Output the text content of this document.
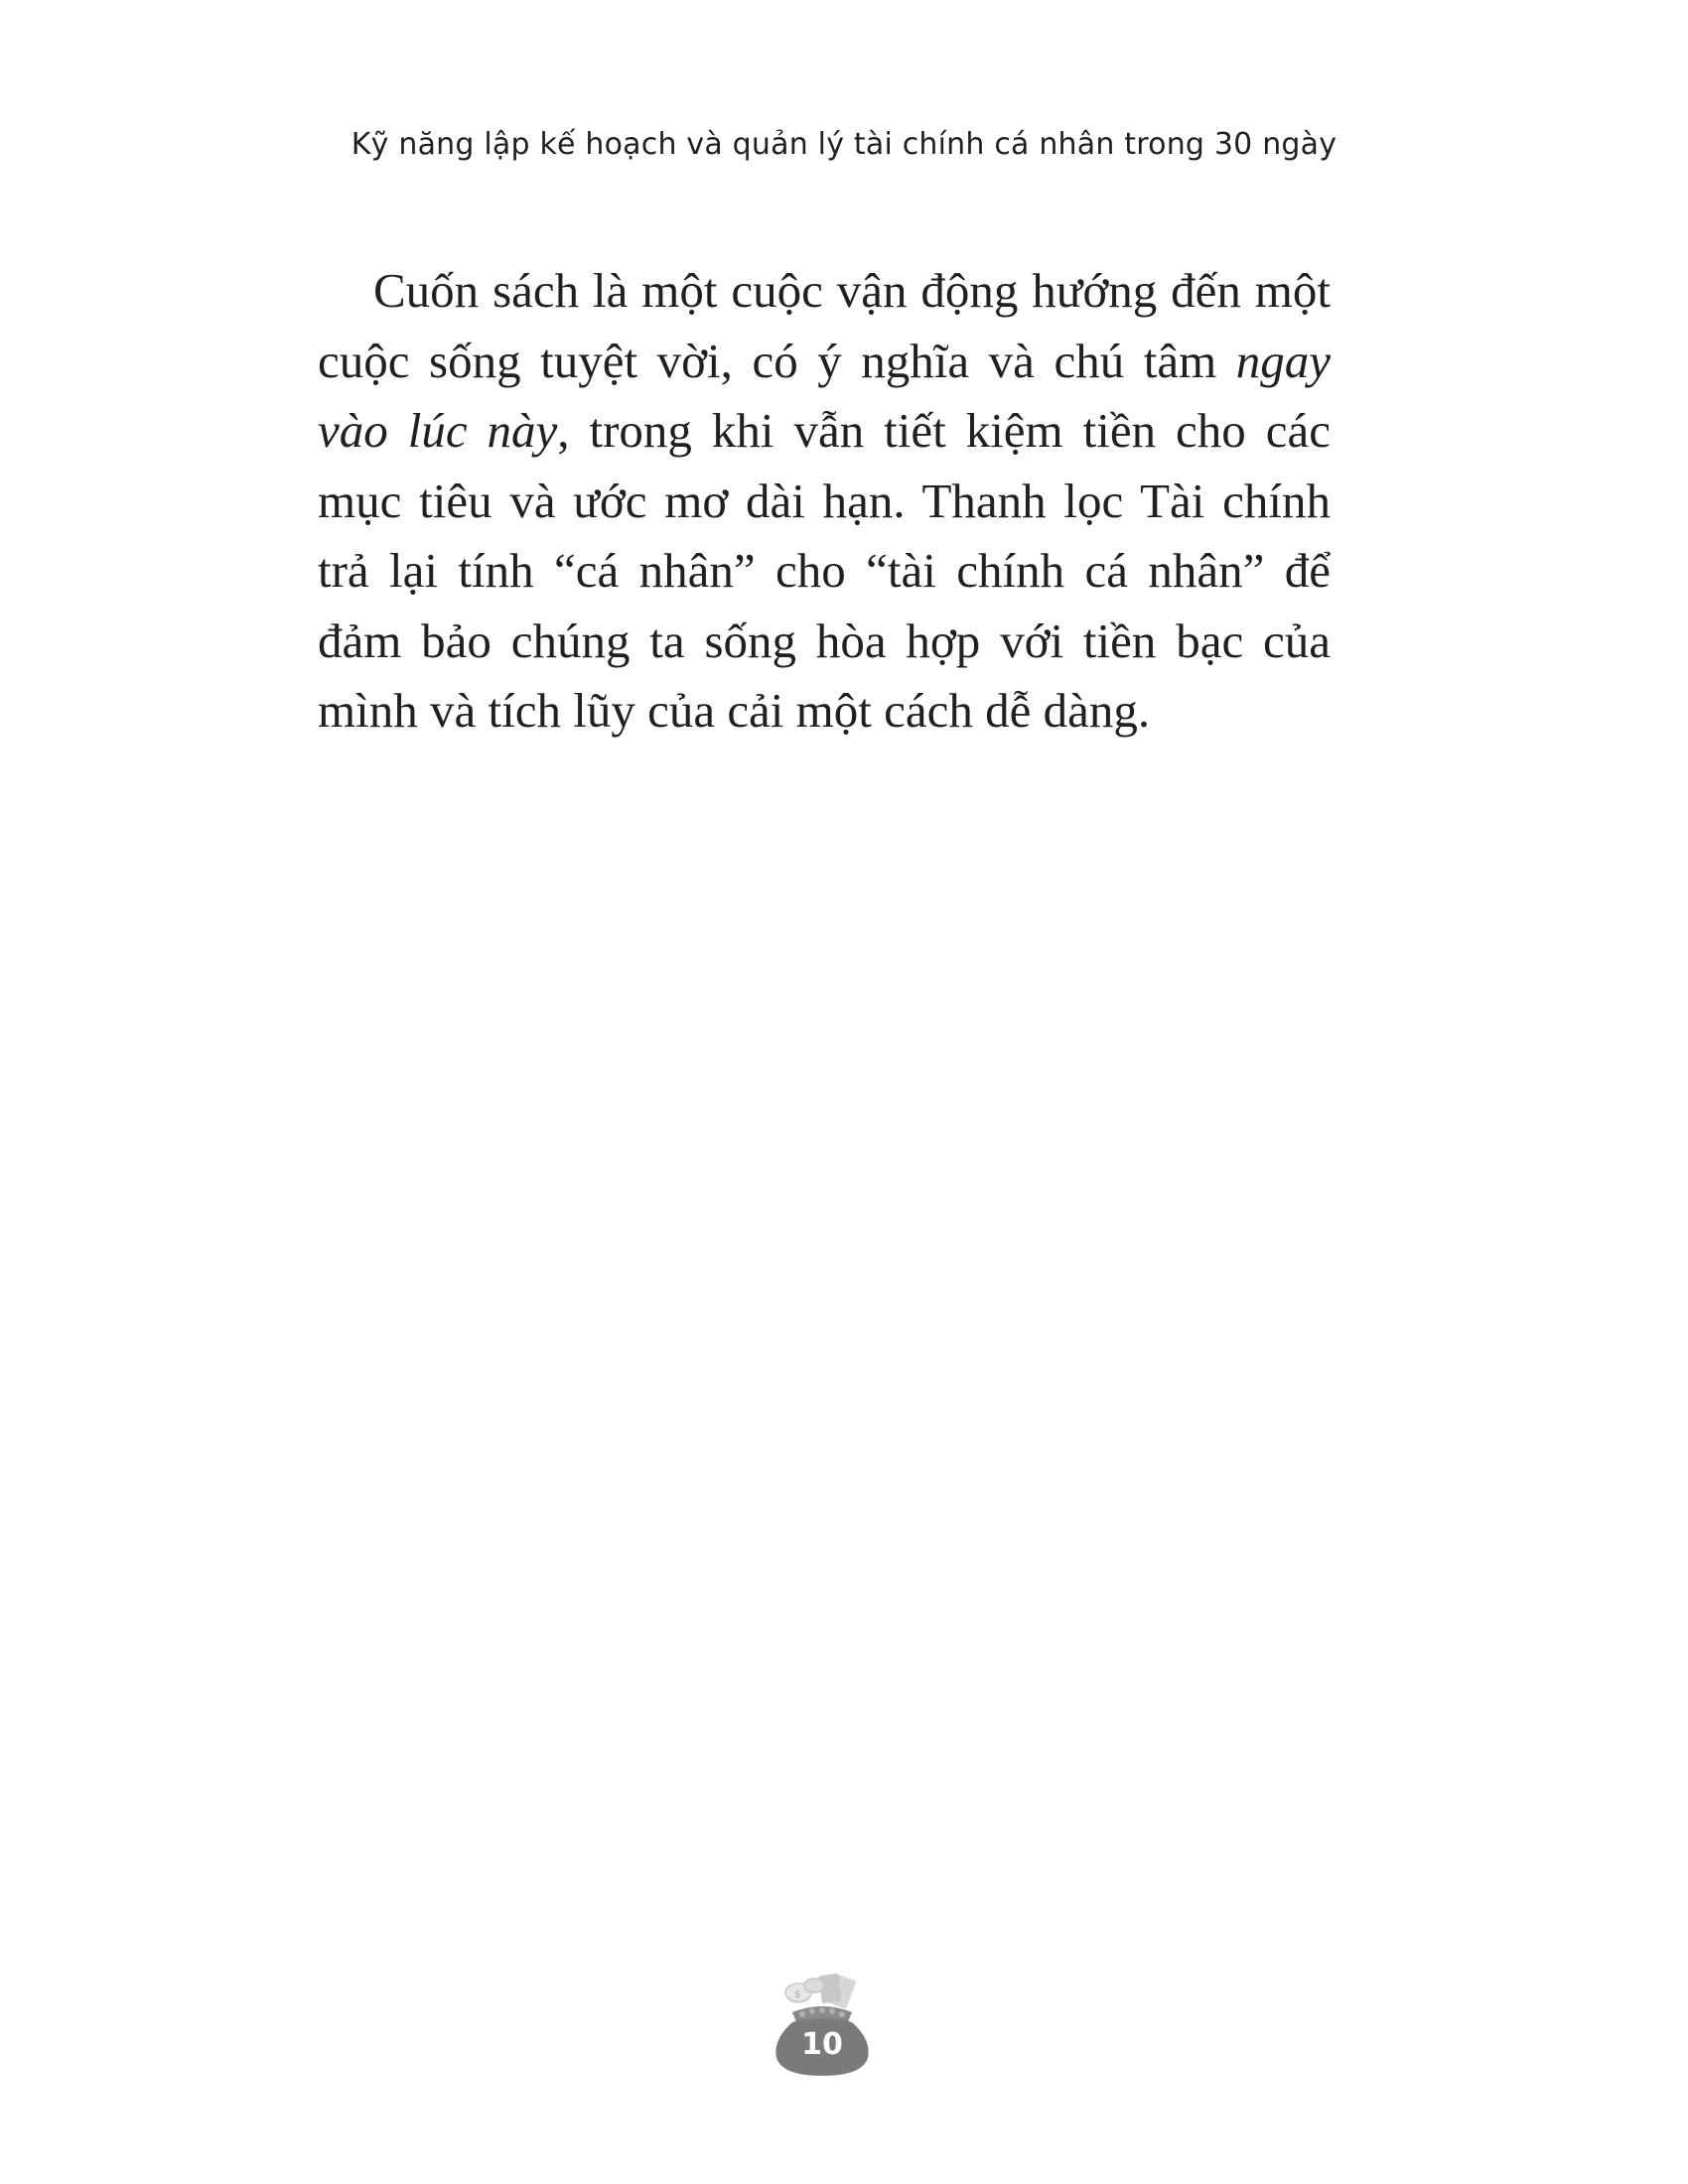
Kỹ năng lập kế hoạch và quản lý tài chính cá nhân trong 30 ngày

Cuốn sách là một cuộc vận động hướng đến một cuộc sống tuyệt vời, có ý nghĩa và chú tâm ngay vào lúc này, trong khi vẫn tiết kiệm tiền cho các mục tiêu và ước mơ dài hạn. Thanh lọc Tài chính trả lại tính “cá nhân” cho “tài chính cá nhân” để đảm bảo chúng ta sống hòa hợp với tiền bạc của mình và tích lũy của cải một cách dễ dàng.

$
10
